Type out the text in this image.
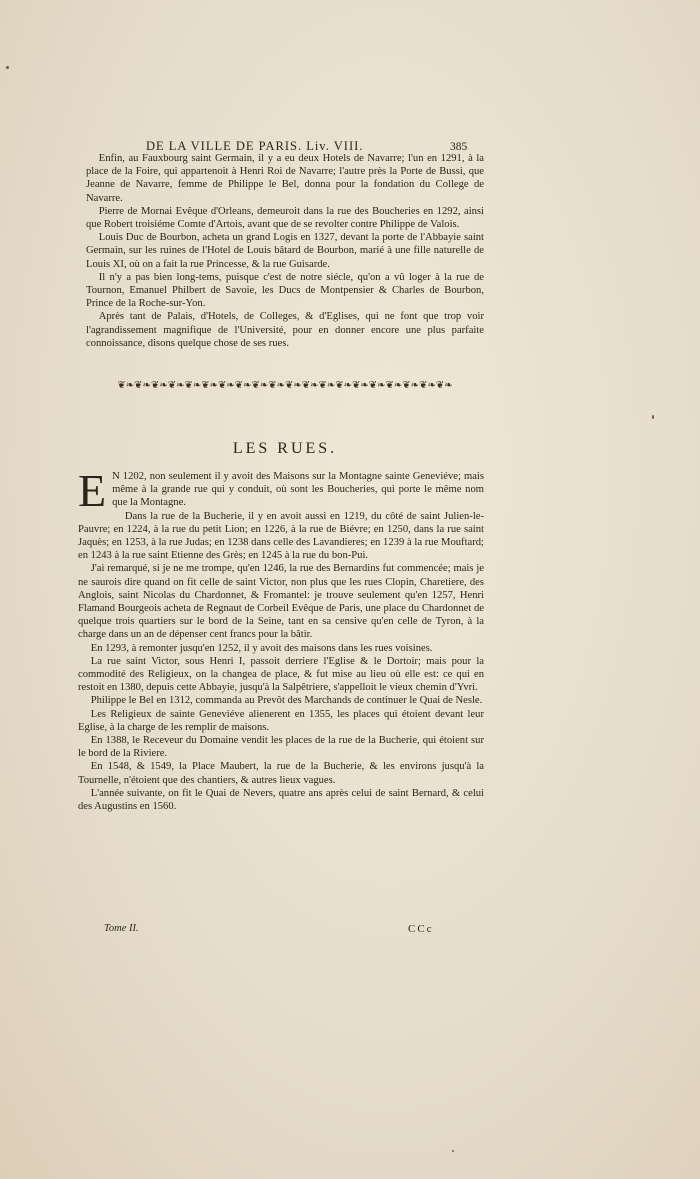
DE LA VILLE DE PARIS. Liv. VIII.	385

Enfin, au Fauxbourg saint Germain, il y a eu deux Hotels de Navarre; l'un en 1291, à la place de la Foire, qui appartenoit à Henri Roi de Navarre; l'autre près la Porte de Bussi, que Jeanne de Navarre, femme de Philippe le Bel, donna pour la fondation du College de Navarre.

Pierre de Mornai Evêque d'Orleans, demeuroit dans la rue des Boucheries en 1292, ainsi que Robert troisiéme Comte d'Artois, avant que de se revolter contre Philippe de Valois.

Louis Duc de Bourbon, acheta un grand Logis en 1327, devant la porte de l'Abbayie saint Germain, sur les ruines de l'Hotel de Louis bâtard de Bourbon, marié à une fille naturelle de Louis XI, où on a fait la rue Princesse, & la rue Guisarde.

Il n'y a pas bien long-tems, puisque c'est de notre siécle, qu'on a vû loger à la rue de Tournon, Emanuel Philbert de Savoie, les Ducs de Montpensier & Charles de Bourbon, Prince de la Roche-sur-Yon.

Après tant de Palais, d'Hotels, de Colleges, & d'Eglises, qui ne font que trop voir l'agrandissement magnifique de l'Université, pour en donner encore une plus parfaite connoissance, disons quelque chose de ses rues.

❦❧❦❧❦❧❦❧❦❧❦❧❦❧❦❧❦❧❦❧❦❧❦❧❦❧❦❧❦❧❦❧❦❧❦❧❦❧❦❧
LES RUES.

E N 1202, non seulement il y avoit des Maisons sur la Montagne sainte Geneviéve; mais même à la grande rue qui y conduit, où sont les Boucheries, qui porte le même nom que la Montagne.

Dans la rue de la Bucherie, il y en avoit aussi en 1219, du côté de saint Julien-le-Pauvre; en 1224, à la rue du petit Lion; en 1226, à la rue de Biévre; en 1250, dans la rue saint Jaquès; en 1253, à la rue Judas; en 1238 dans celle des Lavandieres; en 1239 à la rue Mouftard; en 1243 à la rue saint Etienne des Grès; en 1245 à la rue du bon-Pui.

J'ai remarqué, si je ne me trompe, qu'en 1246, la rue des Bernardins fut commencée; mais je ne saurois dire quand on fit celle de saint Victor, non plus que les rues Clopin, Charetiere, des Anglois, saint Nicolas du Chardonnet, & Fromantel: je trouve seulement qu'en 1257, Henri Flamand Bourgeois acheta de Regnaut de Corbeil Evêque de Paris, une place du Chardonnet de quelque trois quartiers sur le bord de la Seine, tant en sa censive qu'en celle de Tyron, à la charge dans un an de dépenser cent francs pour la bâtir.

En 1293, à remonter jusqu'en 1252, il y avoit des maisons dans les rues voisines.

La rue saint Victor, sous Henri I, passoit derriere l'Eglise & le Dortoir; mais pour la commodité des Religieux, on la changea de place, & fut mise au lieu où elle est: ce qui en restoit en 1380, depuis cette Abbayie, jusqu'à la Salpêtriere, s'appelloit le vieux chemin d'Yvri.

Philippe le Bel en 1312, commanda au Prevôt des Marchands de continuer le Quai de Nesle.

Les Religieux de sainte Geneviéve alienerent en 1355, les places qui étoient devant leur Eglise, à la charge de les remplir de maisons.

En 1388, le Receveur du Domaine vendit les places de la rue de la Bucherie, qui étoient sur le bord de la Riviere.

En 1548, & 1549, la Place Maubert, la rue de la Bucherie, & les environs jusqu'à la Tournelle, n'étoient que des chantiers, & autres lieux vagues.

L'année suivante, on fit le Quai de Nevers, quatre ans après celui de saint Bernard, & celui des Augustins en 1560.

Tome II.	CCc
